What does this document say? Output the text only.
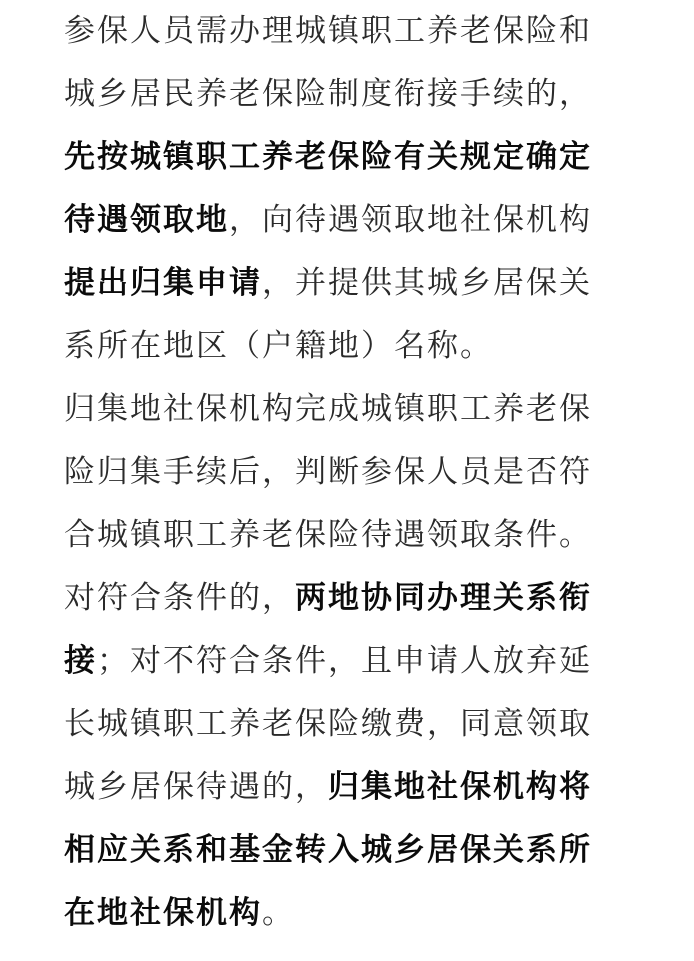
参保人员需办理城镇职工养老保险和
城乡居民养老保险制度衔接手续的，
先按城镇职工养老保险有关规定确定
待遇领取地，向待遇领取地社保机构
提出归集申请，并提供其城乡居保关
系所在地区（户籍地）名称。
归集地社保机构完成城镇职工养老保
险归集手续后，判断参保人员是否符
合城镇职工养老保险待遇领取条件。
对符合条件的，两地协同办理关系衔
接；对不符合条件，且申请人放弃延
长城镇职工养老保险缴费，同意领取
城乡居保待遇的，归集地社保机构将
相应关系和基金转入城乡居保关系所
在地社保机构。
